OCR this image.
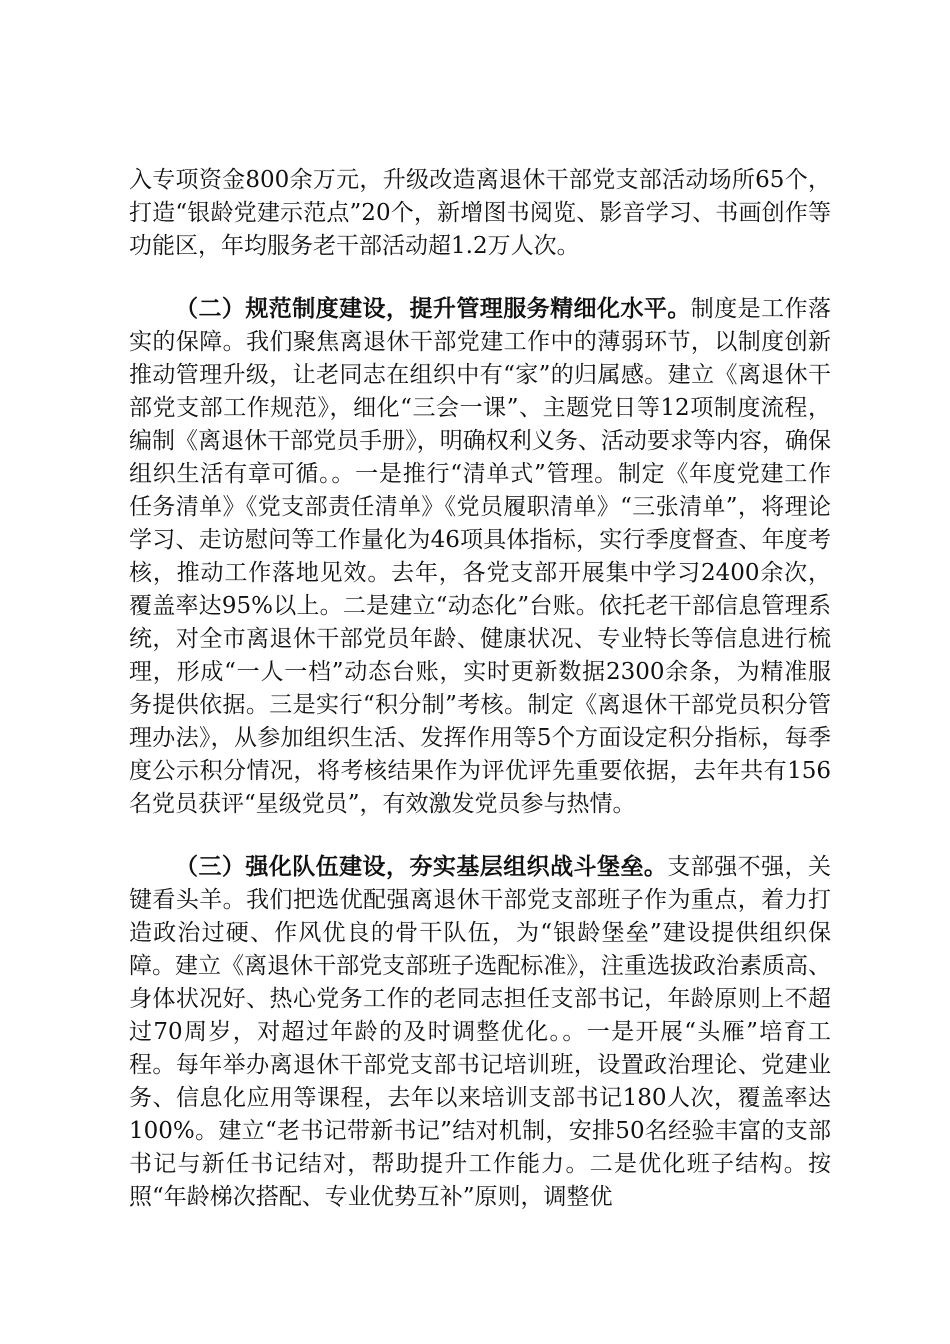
入专项资金800余万元，升级改造离退休干部党支部活动场所65个，打造“银龄党建示范点”20个，新增图书阅览、影音学习、书画创作等功能区，年均服务老干部活动超1.2万人次。

（二）规范制度建设，提升管理服务精细化水平。制度是工作落实的保障。我们聚焦离退休干部党建工作中的薄弱环节，以制度创新推动管理升级，让老同志在组织中有“家”的归属感。建立《离退休干部党支部工作规范》，细化“三会一课”、主题党日等12项制度流程，编制《离退休干部党员手册》，明确权利义务、活动要求等内容，确保组织生活有章可循。。一是推行“清单式”管理。制定《年度党建工作任务清单》《党支部责任清单》《党员履职清单》“三张清单”，将理论学习、走访慰问等工作量化为46项具体指标，实行季度督查、年度考核，推动工作落地见效。去年，各党支部开展集中学习2400余次，覆盖率达95%以上。二是建立“动态化”台账。依托老干部信息管理系统，对全市离退休干部党员年龄、健康状况、专业特长等信息进行梳理，形成“一人一档”动态台账，实时更新数据2300余条，为精准服务提供依据。三是实行“积分制”考核。制定《离退休干部党员积分管理办法》，从参加组织生活、发挥作用等5个方面设定积分指标，每季度公示积分情况，将考核结果作为评优评先重要依据，去年共有156名党员获评“星级党员”，有效激发党员参与热情。

（三）强化队伍建设，夯实基层组织战斗堡垒。支部强不强，关键看头羊。我们把选优配强离退休干部党支部班子作为重点，着力打造政治过硬、作风优良的骨干队伍，为“银龄堡垒”建设提供组织保障。建立《离退休干部党支部班子选配标准》，注重选拔政治素质高、身体状况好、热心党务工作的老同志担任支部书记，年龄原则上不超过70周岁，对超过年龄的及时调整优化。。一是开展“头雁”培育工程。每年举办离退休干部党支部书记培训班，设置政治理论、党建业务、信息化应用等课程，去年以来培训支部书记180人次，覆盖率达100%。建立“老书记带新书记”结对机制，安排50名经验丰富的支部书记与新任书记结对，帮助提升工作能力。二是优化班子结构。按照“年龄梯次搭配、专业优势互补”原则，调整优
